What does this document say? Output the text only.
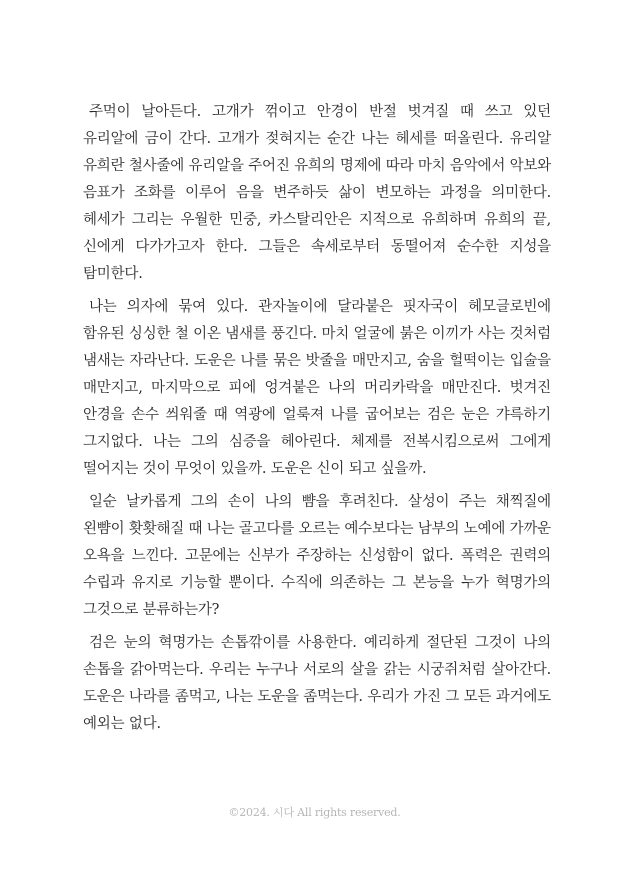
주먹이 날아든다. 고개가 꺾이고 안경이 반절 벗겨질 때 쓰고 있던 유리알에 금이 간다. 고개가 젖혀지는 순간 나는 헤세를 떠올린다. 유리알 유희란 철사줄에 유리알을 주어진 유희의 명제에 따라 마치 음악에서 악보와 음표가 조화를 이루어 음을 변주하듯 삶이 변모하는 과정을 의미한다. 헤세가 그리는 우월한 민중, 카스탈리안은 지적으로 유희하며 유희의 끝, 신에게 다가가고자 한다. 그들은 속세로부터 동떨어져 순수한 지성을 탐미한다.

나는 의자에 묶여 있다. 관자놀이에 달라붙은 핏자국이 헤모글로빈에 함유된 싱싱한 철 이온 냄새를 풍긴다. 마치 얼굴에 붉은 이끼가 사는 것처럼 냄새는 자라난다. 도운은 나를 묶은 밧줄을 매만지고, 숨을 헐떡이는 입술을 매만지고, 마지막으로 피에 엉겨붙은 나의 머리카락을 매만진다. 벗겨진 안경을 손수 씌워줄 때 역광에 얼룩져 나를 굽어보는 검은 눈은 갸륵하기 그지없다. 나는 그의 심증을 헤아린다. 체제를 전복시킴으로써 그에게 떨어지는 것이 무엇이 있을까. 도운은 신이 되고 싶을까.

일순 날카롭게 그의 손이 나의 뺨을 후려친다. 살성이 주는 채찍질에 왼뺨이 홧홧해질 때 나는 골고다를 오르는 예수보다는 남부의 노예에 가까운 오욕을 느낀다. 고문에는 신부가 주장하는 신성함이 없다. 폭력은 권력의 수립과 유지로 기능할 뿐이다. 수직에 의존하는 그 본능을 누가 혁명가의 그것으로 분류하는가?

검은 눈의 혁명가는 손톱깎이를 사용한다. 예리하게 절단된 그것이 나의 손톱을 갉아먹는다. 우리는 누구나 서로의 살을 갉는 시궁쥐처럼 살아간다. 도운은 나라를 좀먹고, 나는 도운을 좀먹는다. 우리가 가진 그 모든 과거에도 예외는 없다.

©2024. 시다 All rights reserved.
